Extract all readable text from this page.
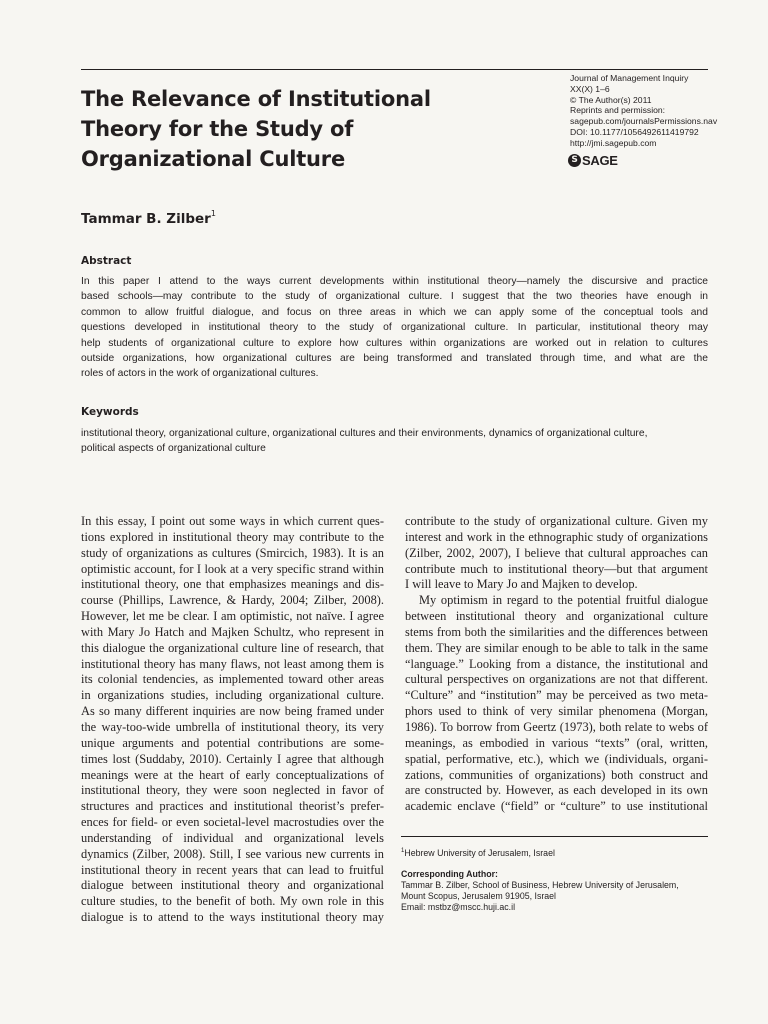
The Relevance of Institutional
Theory for the Study of
Organizational Culture
Journal of Management Inquiry
XX(X) 1–6
© The Author(s) 2011
Reprints and permission:
sagepub.com/journalsPermissions.nav
DOI: 10.1177/1056492611419792
http://jmi.sagepub.com
S SAGE
Tammar B. Zilber$^1$
Abstract
In this paper I attend to the ways current developments within institutional theory—namely the discursive and practice
based schools—may contribute to the study of organizational culture. I suggest that the two theories have enough in
common to allow fruitful dialogue, and focus on three areas in which we can apply some of the conceptual tools and
questions developed in institutional theory to the study of organizational culture. In particular, institutional theory may
help students of organizational culture to explore how cultures within organizations are worked out in relation to cultures
outside organizations, how organizational cultures are being transformed and translated through time, and what are the
roles of actors in the work of organizational cultures.
Keywords
institutional theory, organizational culture, organizational cultures and their environments, dynamics of organizational culture,
political aspects of organizational culture
In this essay, I point out some ways in which current ques-
tions explored in institutional theory may contribute to the
study of organizations as cultures (Smircich, 1983). It is an
optimistic account, for I look at a very specific strand within
institutional theory, one that emphasizes meanings and dis-
course (Phillips, Lawrence, & Hardy, 2004; Zilber, 2008).
However, let me be clear. I am optimistic, not naïve. I agree
with Mary Jo Hatch and Majken Schultz, who represent in
this dialogue the organizational culture line of research, that
institutional theory has many flaws, not least among them is
its colonial tendencies, as implemented toward other areas
in organizations studies, including organizational culture.
As so many different inquiries are now being framed under
the way-too-wide umbrella of institutional theory, its very
unique arguments and potential contributions are some-
times lost (Suddaby, 2010). Certainly I agree that although
meanings were at the heart of early conceptualizations of
institutional theory, they were soon neglected in favor of
structures and practices and institutional theorist’s prefer-
ences for field- or even societal-level macrostudies over the
understanding of individual and organizational levels
dynamics (Zilber, 2008). Still, I see various new currents in
institutional theory in recent years that can lead to fruitful
dialogue between institutional theory and organizational
culture studies, to the benefit of both. My own role in this
dialogue is to attend to the ways institutional theory may
contribute to the study of organizational culture. Given my
interest and work in the ethnographic study of organizations
(Zilber, 2002, 2007), I believe that cultural approaches can
contribute much to institutional theory—but that argument
I will leave to Mary Jo and Majken to develop.
My optimism in regard to the potential fruitful dialogue
between institutional theory and organizational culture
stems from both the similarities and the differences between
them. They are similar enough to be able to talk in the same
“language.” Looking from a distance, the institutional and
cultural perspectives on organizations are not that different.
“Culture” and “institution” may be perceived as two meta-
phors used to think of very similar phenomena (Morgan,
1986). To borrow from Geertz (1973), both relate to webs of
meanings, as embodied in various “texts” (oral, written,
spatial, performative, etc.), which we (individuals, organi-
zations, communities of organizations) both construct and
are constructed by. However, as each developed in its own
academic enclave (“field” or “culture” to use institutional
$^1$Hebrew University of Jerusalem, Israel
Corresponding Author:
Tammar B. Zilber, School of Business, Hebrew University of Jerusalem,
Mount Scopus, Jerusalem 91905, Israel
Email: mstbz@mscc.huji.ac.il
